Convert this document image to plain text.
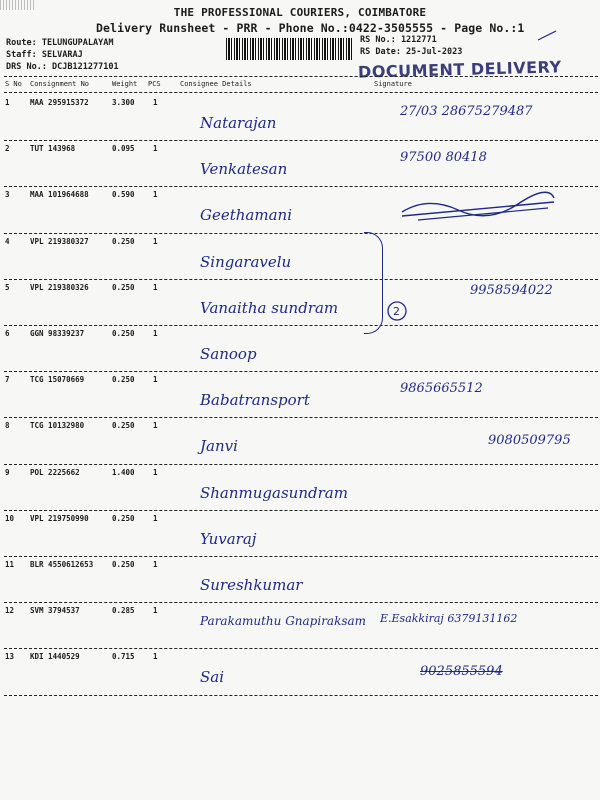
THE PROFESSIONAL COURIERS, COIMBATORE
Delivery Runsheet - PRR - Phone No.:0422-3505555 - Page No.:1
Route: TELUNGUPALAYAM
Staff: SELVARAJ
DRS No.: DCJB121277101
RS No.: 1212771
RS Date: 25-Jul-2023
DOCUMENT DELIVERY
S No Consignment No	Weight PCS	Consignee Details	Signature
1	MAA 295915372	3.300 1
Natarajan
27/03 28675279487
2	TUT 143968	0.095 1
Venkatesan
97500 80418
3	MAA 101964688	0.590 1
Geethamani
4	VPL 219380327	0.250 1
Singaravelu
5	VPL 219380326	0.250 1
Vanaitha sundram
9958594022
6	GGN 98339237	0.250 1
Sanoop
7	TCG 15070669	0.250 1
Babatransport
9865665512
8	TCG 10132980	0.250 1
Janvi	9080509795
9	POL 2225662	1.400 1
Shanmugasundram
10 VPL 219750990	0.250 1
Yuvaraj
11 BLR 4550612653	0.250 1
Sureshkumar
12 SVM 3794537	0.285 1
Parakamuthu Gnapiraksam E.Esakkiraj 6379131162
13 KDI 1440529	0.715 1
Sai	9025855594
2
